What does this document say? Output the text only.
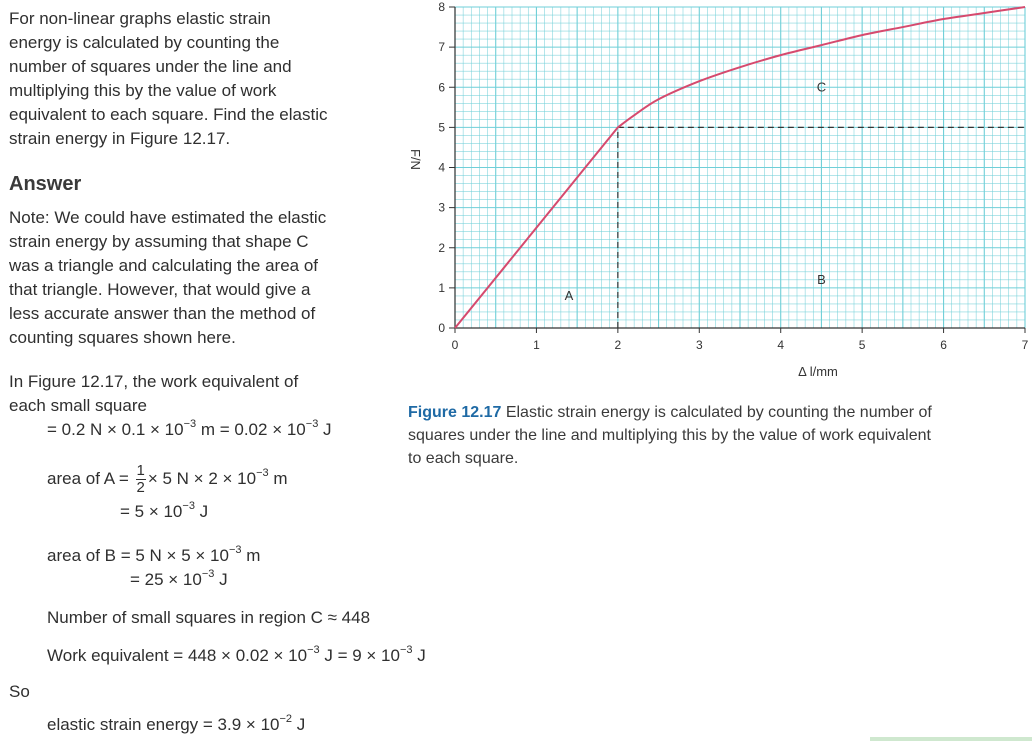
For non-linear graphs elastic strain
energy is calculated by counting the
number of squares under the line and
multiplying this by the value of work
equivalent to each square. Find the elastic
strain energy in Figure 12.17.
Answer
Note: We could have estimated the elastic
strain energy by assuming that shape C
was a triangle and calculating the area of
that triangle. However, that would give a
less accurate answer than the method of
counting squares shown here.
In Figure 12.17, the work equivalent of
each small square
= 0.2 $N \times 0.1 \times 10^{-3}$ $m = 0.02 \times 10^{-3}$ J
area of $A = \frac{1}{2} \times 5$ $N \times 2 \times 10^{-3}$ m
= $5 \times 10^{-3}$ J
area of B = 5 $N \times 5 \times 10^{-3}$ m
= $25 \times 10^{-3}$ J
Number of small squares in region C ≈ 448
Work equivalent = $448 \times 0.02 \times 10^{-3}$ $J = 9 \times 10^{-3}$ J
So
elastic strain energy = $3.9 \times 10^{-2}$ J
0	1	2	3	4	5	6	7
0
1
2
3
4
5
6
7
8
A
B
C
Δ l/mm
F/N
Figure 12.17 Elastic strain energy is calculated by counting the number of
squares under the line and multiplying this by the value of work equivalent
to each square.
